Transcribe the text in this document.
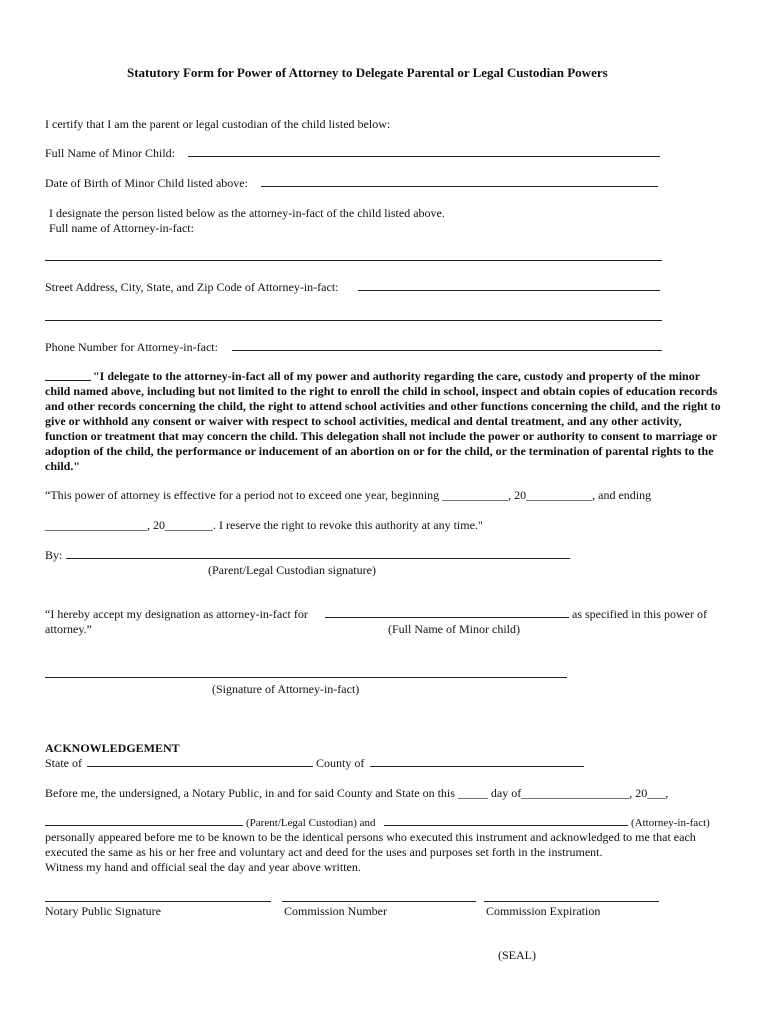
Statutory Form for Power of Attorney to Delegate Parental or Legal Custodian Powers
I certify that I am the parent or legal custodian of the child listed below:
Full Name of Minor Child:
Date of Birth of Minor Child listed above:
I designate the person listed below as the attorney-in-fact of the child listed above.
Full name of Attorney-in-fact:
Street Address, City, State, and Zip Code of Attorney-in-fact:
Phone Number for Attorney-in-fact:
"I delegate to the attorney-in-fact all of my power and authority regarding the care, custody and property of the minor child named above, including but not limited to the right to enroll the child in school, inspect and obtain copies of education records and other records concerning the child, the right to attend school activities and other functions concerning the child, and the right to give or withhold any consent or waiver with respect to school activities, medical and dental treatment, and any other activity, function or treatment that may concern the child. This delegation shall not include the power or authority to consent to marriage or adoption of the child, the performance or inducement of an abortion on or for the child, or the termination of parental rights to the child."
“This power of attorney is effective for a period not to exceed one year, beginning ___________, 20___________, and ending
_________________, 20________. I reserve the right to revoke this authority at any time."
By:
(Parent/Legal Custodian signature)
“I hereby accept my designation as attorney-in-fact for	as specified in this power of
attorney.”	(Full Name of Minor child)
(Signature of Attorney-in-fact)
ACKNOWLEDGEMENT
State of	County of
Before me, the undersigned, a Notary Public, in and for said County and State on this _____ day of__________________, 20___,
(Parent/Legal Custodian) and	(Attorney-in-fact)
personally appeared before me to be known to be the identical persons who executed this instrument and acknowledged to me that each executed the same as his or her free and voluntary act and deed for the uses and purposes set forth in the instrument.
Witness my hand and official seal the day and year above written.
Notary Public Signature	Commission Number	Commission Expiration
(SEAL)
